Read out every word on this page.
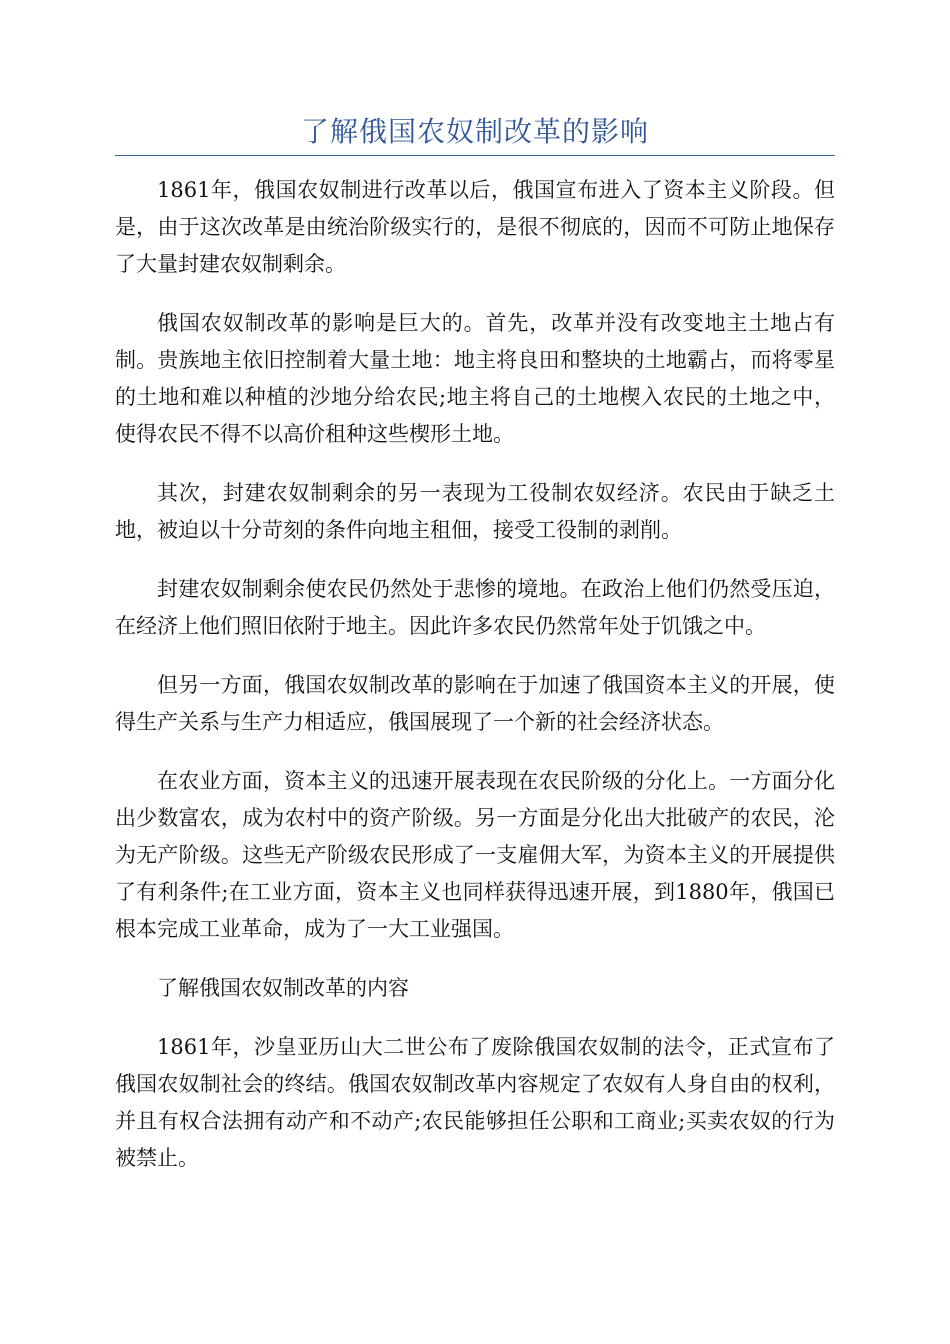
了解俄国农奴制改革的影响

1861年，俄国农奴制进行改革以后，俄国宣布进入了资本主义阶段。但是，由于这次改革是由统治阶级实行的，是很不彻底的，因而不可防止地保存了大量封建农奴制剩余。

俄国农奴制改革的影响是巨大的。首先，改革并没有改变地主土地占有制。贵族地主依旧控制着大量土地：地主将良田和整块的土地霸占，而将零星的土地和难以种植的沙地分给农民;地主将自己的土地楔入农民的土地之中，使得农民不得不以高价租种这些楔形土地。

其次，封建农奴制剩余的另一表现为工役制农奴经济。农民由于缺乏土地，被迫以十分苛刻的条件向地主租佃，接受工役制的剥削。

封建农奴制剩余使农民仍然处于悲惨的境地。在政治上他们仍然受压迫，在经济上他们照旧依附于地主。因此许多农民仍然常年处于饥饿之中。

但另一方面，俄国农奴制改革的影响在于加速了俄国资本主义的开展，使得生产关系与生产力相适应，俄国展现了一个新的社会经济状态。

在农业方面，资本主义的迅速开展表现在农民阶级的分化上。一方面分化出少数富农，成为农村中的资产阶级。另一方面是分化出大批破产的农民，沦为无产阶级。这些无产阶级农民形成了一支雇佣大军，为资本主义的开展提供了有利条件;在工业方面，资本主义也同样获得迅速开展，到1880年，俄国已根本完成工业革命，成为了一大工业强国。

了解俄国农奴制改革的内容

1861年，沙皇亚历山大二世公布了废除俄国农奴制的法令，正式宣布了俄国农奴制社会的终结。俄国农奴制改革内容规定了农奴有人身自由的权利，并且有权合法拥有动产和不动产;农民能够担任公职和工商业;买卖农奴的行为被禁止。
